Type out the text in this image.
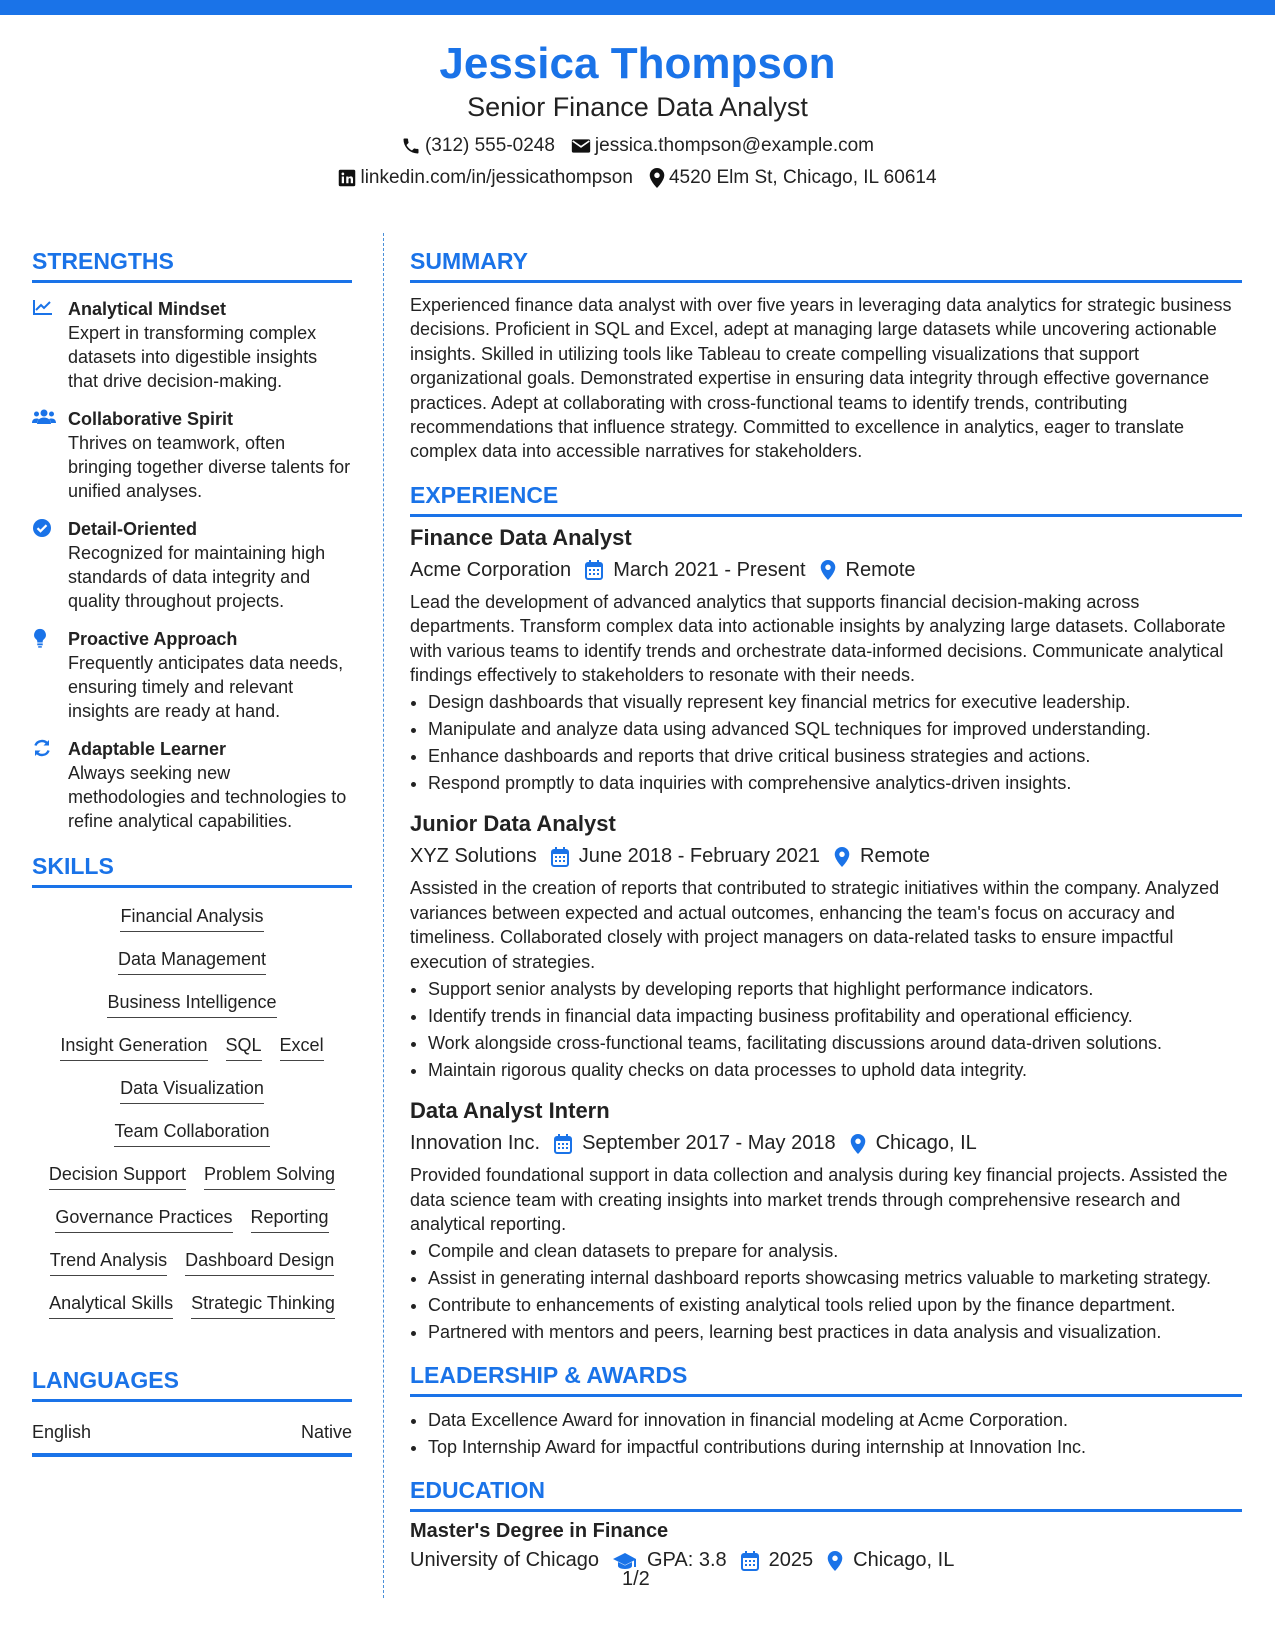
Jessica Thompson
Senior Finance Data Analyst
(312) 555-0248 jessica.thompson@example.com
linkedin.com/in/jessicathompson 4520 Elm St, Chicago, IL 60614
STRENGTHS
Analytical Mindset
Expert in transforming complex datasets into digestible insights that drive decision-making.
Collaborative Spirit
Thrives on teamwork, often bringing together diverse talents for unified analyses.
Detail-Oriented
Recognized for maintaining high standards of data integrity and quality throughout projects.
Proactive Approach
Frequently anticipates data needs, ensuring timely and relevant insights are ready at hand.
Adaptable Learner
Always seeking new methodologies and technologies to refine analytical capabilities.
SKILLS
Financial Analysis
Data Management
Business Intelligence
Insight Generation SQL Excel
Data Visualization
Team Collaboration
Decision Support Problem Solving
Governance Practices Reporting
Trend Analysis Dashboard Design
Analytical Skills Strategic Thinking
LANGUAGES
English	Native
SUMMARY
Experienced finance data analyst with over five years in leveraging data analytics for strategic business decisions. Proficient in SQL and Excel, adept at managing large datasets while uncovering actionable insights. Skilled in utilizing tools like Tableau to create compelling visualizations that support organizational goals. Demonstrated expertise in ensuring data integrity through effective governance practices. Adept at collaborating with cross-functional teams to identify trends, contributing recommendations that influence strategy. Committed to excellence in analytics, eager to translate complex data into accessible narratives for stakeholders.
EXPERIENCE
Finance Data Analyst
Acme Corporation March 2021 - Present Remote
Lead the development of advanced analytics that supports financial decision-making across departments. Transform complex data into actionable insights by analyzing large datasets. Collaborate with various teams to identify trends and orchestrate data-informed decisions. Communicate analytical findings effectively to stakeholders to resonate with their needs.
• Design dashboards that visually represent key financial metrics for executive leadership.
• Manipulate and analyze data using advanced SQL techniques for improved understanding.
• Enhance dashboards and reports that drive critical business strategies and actions.
• Respond promptly to data inquiries with comprehensive analytics-driven insights.
Junior Data Analyst
XYZ Solutions June 2018 - February 2021 Remote
Assisted in the creation of reports that contributed to strategic initiatives within the company. Analyzed variances between expected and actual outcomes, enhancing the team's focus on accuracy and timeliness. Collaborated closely with project managers on data-related tasks to ensure impactful execution of strategies.
• Support senior analysts by developing reports that highlight performance indicators.
• Identify trends in financial data impacting business profitability and operational efficiency.
• Work alongside cross-functional teams, facilitating discussions around data-driven solutions.
• Maintain rigorous quality checks on data processes to uphold data integrity.
Data Analyst Intern
Innovation Inc. September 2017 - May 2018 Chicago, IL
Provided foundational support in data collection and analysis during key financial projects. Assisted the data science team with creating insights into market trends through comprehensive research and analytical reporting.
• Compile and clean datasets to prepare for analysis.
• Assist in generating internal dashboard reports showcasing metrics valuable to marketing strategy.
• Contribute to enhancements of existing analytical tools relied upon by the finance department.
• Partnered with mentors and peers, learning best practices in data analysis and visualization.
LEADERSHIP & AWARDS
• Data Excellence Award for innovation in financial modeling at Acme Corporation.
• Top Internship Award for impactful contributions during internship at Innovation Inc.
EDUCATION
Master's Degree in Finance
University of Chicago GPA: 3.8 2025 Chicago, IL
1/2
